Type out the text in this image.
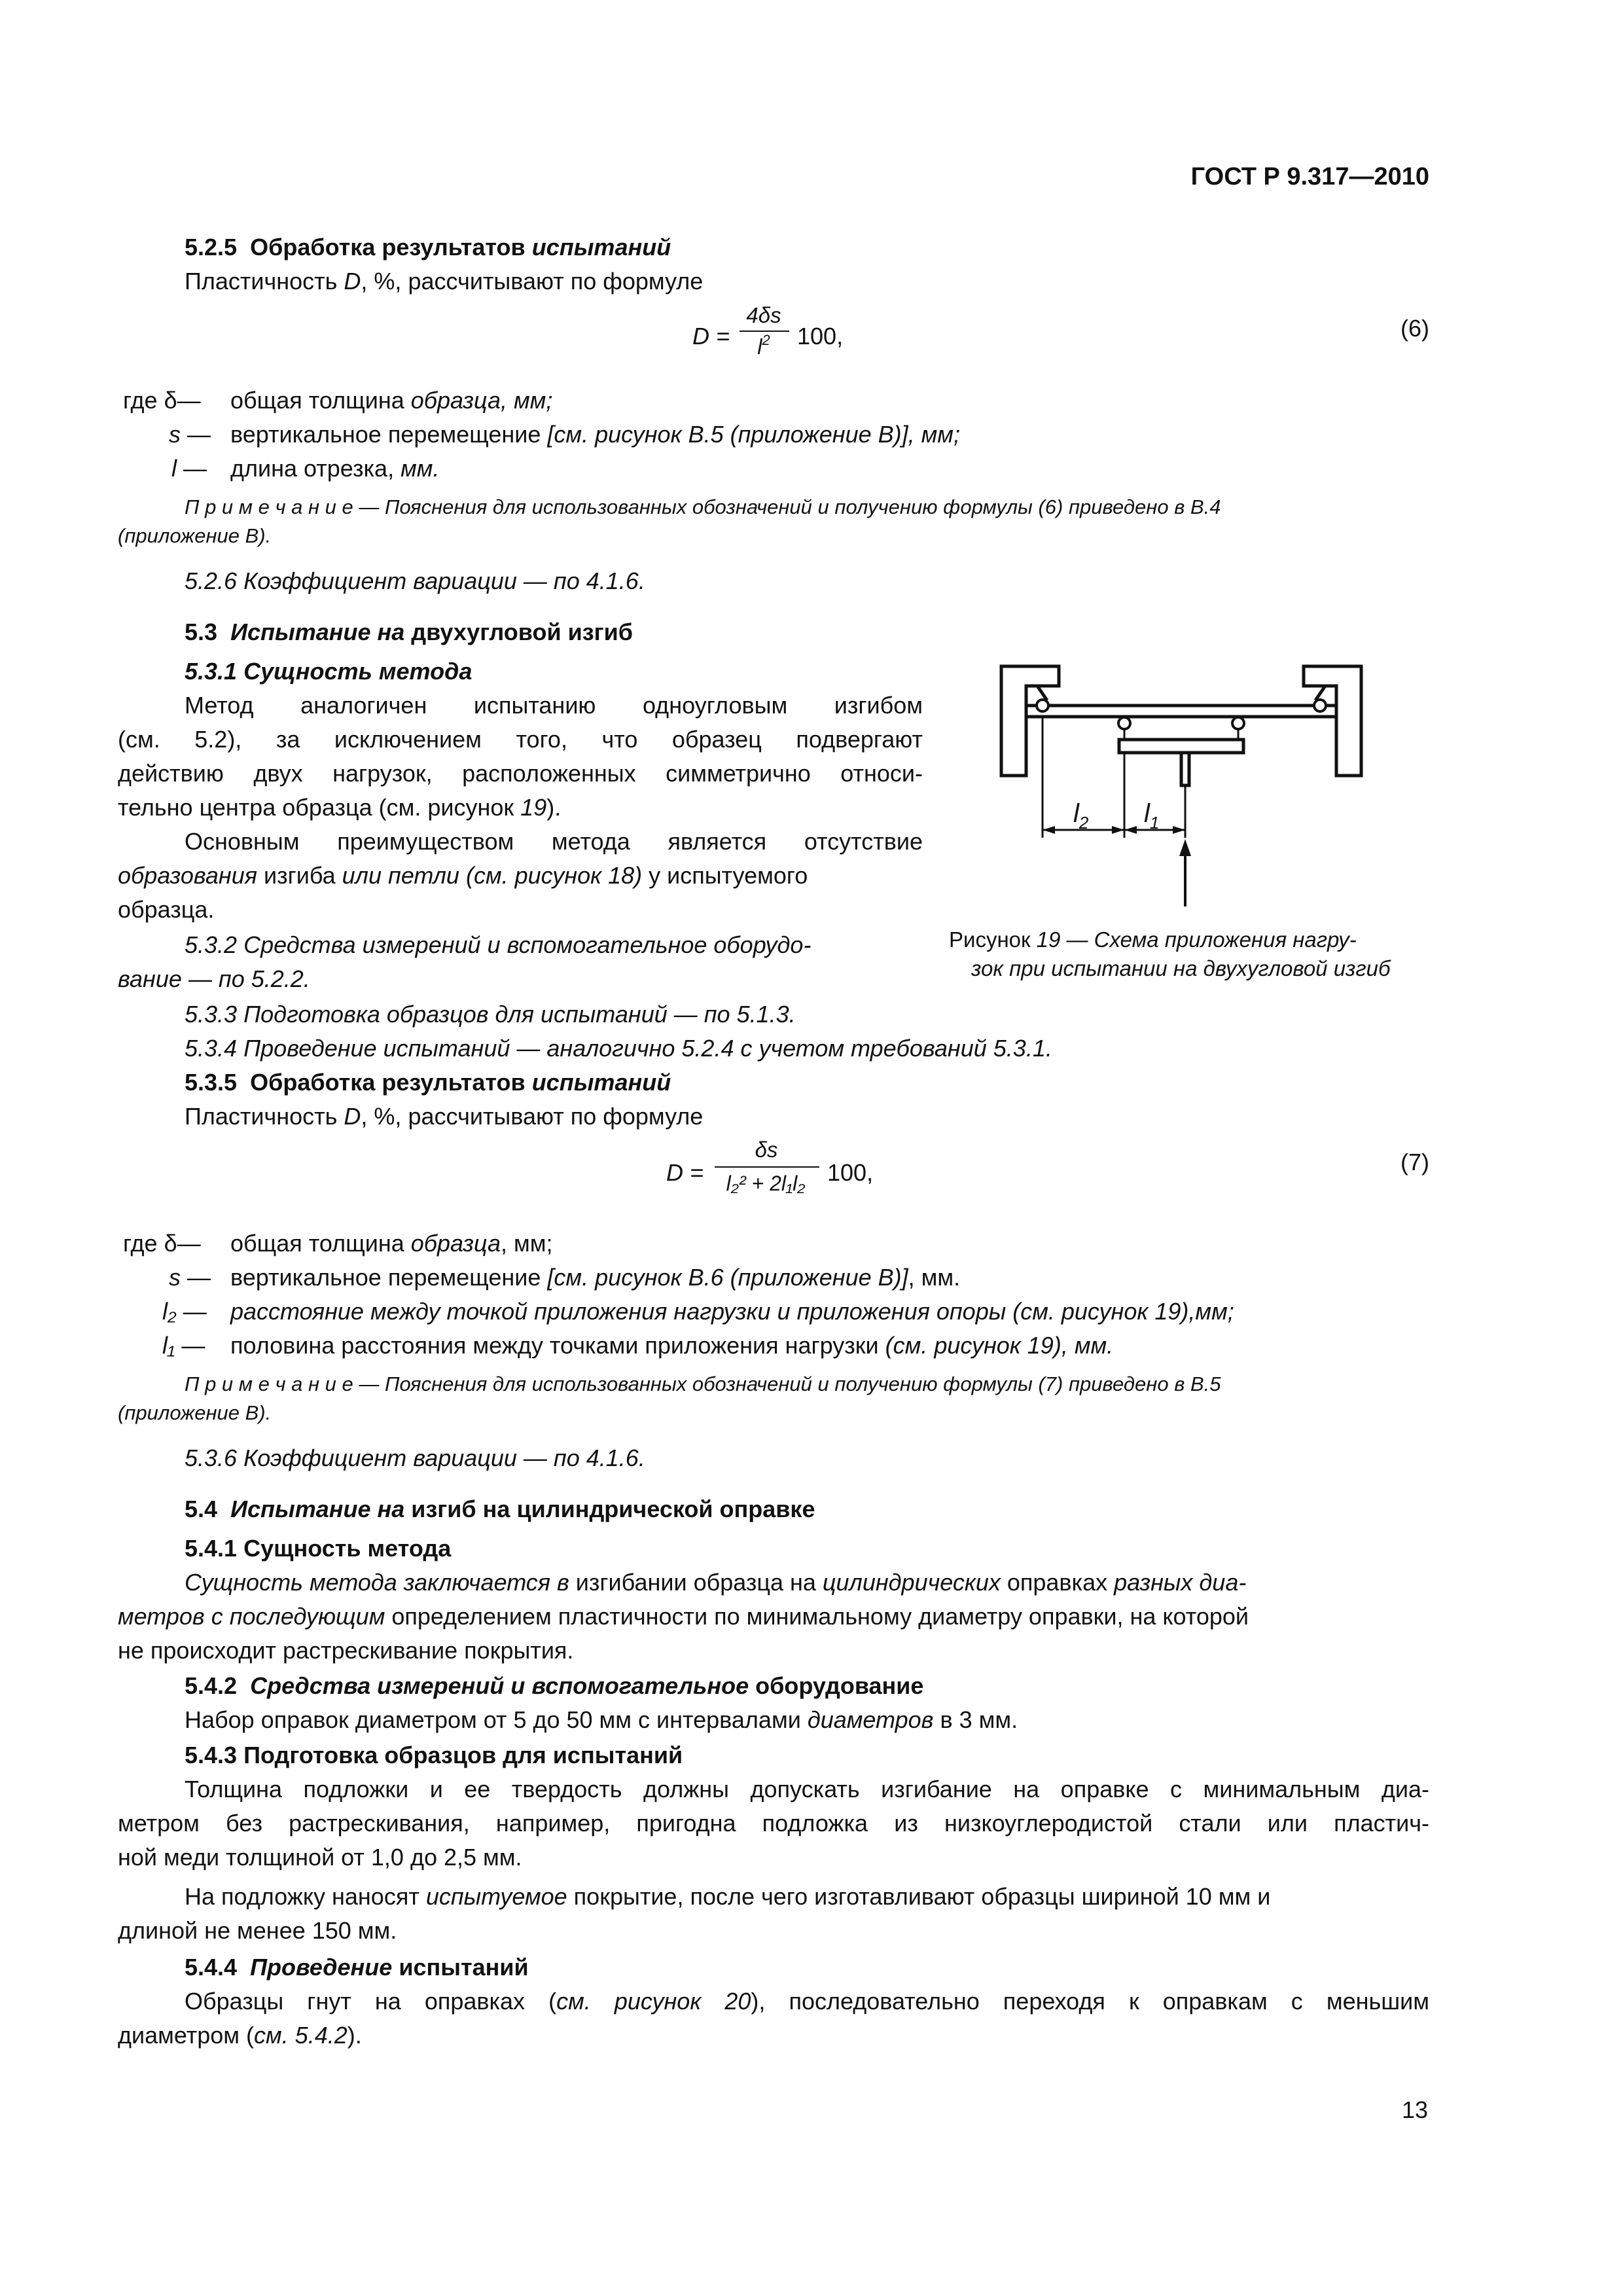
ГОСТ Р 9.317—2010
5.2.5 Обработка результатов испытаний
Пластичность D, %, рассчитывают по формуле
D =
4δs
$l^2$	100,	(6)
где δ— общая толщина образца, мм;
s — вертикальное перемещение [см. рисунок В.5 (приложение В)], мм;
l — длина отрезка, мм.
П р и м е ч а н и е — Пояснения для использованных обозначений и получению формулы (6) приведено в В.4
(приложение В).
5.2.6 Коэффициент вариации — по 4.1.6.
5.3 Испытание на двухугловой изгиб
5.3.1 Сущность метода
Метод аналогичен испытанию одноугловым изгибом
(см. 5.2), за исключением того, что образец подвергают
действию двух нагрузок, расположенных симметрично относи-
тельно центра образца (см. рисунок 19).
Основным преимуществом метода является отсутствие
образования изгиба или петли (см. рисунок 18) у испытуемого
образца.
5.3.2 Средства измерений и вспомогательное оборудо-
вание — по 5.2.2.
$l_2$ $l_1$
Рисунок 19 — Схема приложения нагру-
зок при испытании на двухугловой изгиб
5.3.3 Подготовка образцов для испытаний — по 5.1.3.
5.3.4 Проведение испытаний — аналогично 5.2.4 с учетом требований 5.3.1.
5.3.5 Обработка результатов испытаний
Пластичность D, %, рассчитывают по формуле
D =
δs
l₂² + 2l₁l₂ 100,	(7)
где δ— общая толщина образца, мм;
s — вертикальное перемещение [см. рисунок В.6 (приложение В)], мм.
l₂ — расстояние между точкой приложения нагрузки и приложения опоры (см. рисунок 19),мм;
l₁ — половина расстояния между точками приложения нагрузки (см. рисунок 19), мм.
П р и м е ч а н и е — Пояснения для использованных обозначений и получению формулы (7) приведено в В.5
(приложение В).
5.3.6 Коэффициент вариации — по 4.1.6.
5.4 Испытание на изгиб на цилиндрической оправке
5.4.1 Сущность метода
Сущность метода заключается в изгибании образца на цилиндрических оправках разных диа-
метров с последующим определением пластичности по минимальному диаметру оправки, на которой
не происходит растрескивание покрытия.
5.4.2 Средства измерений и вспомогательное оборудование
Набор оправок диаметром от 5 до 50 мм с интервалами диаметров в 3 мм.
5.4.3 Подготовка образцов для испытаний
Толщина подложки и ее твердость должны допускать изгибание на оправке с минимальным диа-
метром без растрескивания, например, пригодна подложка из низкоуглеродистой стали или пластич-
ной меди толщиной от 1,0 до 2,5 мм.
На подложку наносят испытуемое покрытие, после чего изготавливают образцы шириной 10 мм и
длиной не менее 150 мм.
5.4.4 Проведение испытаний
Образцы гнут на оправках (см. рисунок 20), последовательно переходя к оправкам с меньшим
диаметром (см. 5.4.2).
13
